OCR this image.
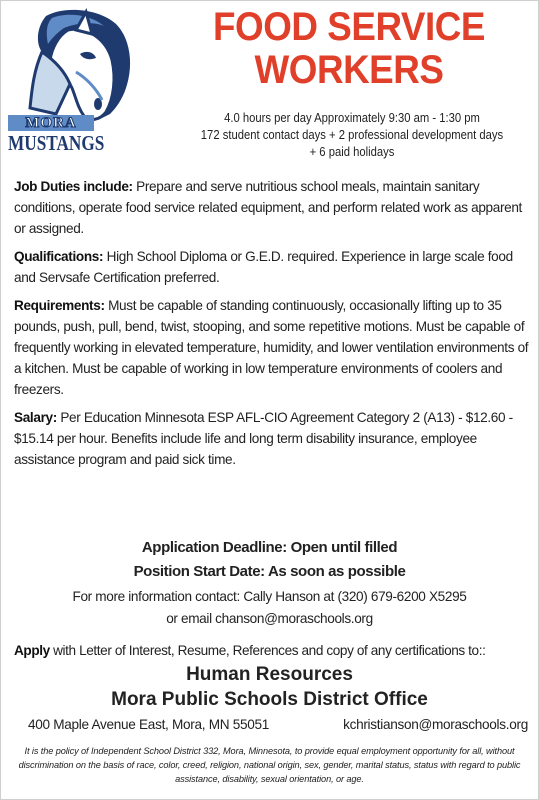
MORA
MUSTANGS
FOOD SERVICE
WORKERS
4.0 hours per day Approximately 9:30 am - 1:30 pm
172 student contact days + 2 professional development days
+ 6 paid holidays
Job Duties include: Prepare and serve nutritious school meals, maintain sanitary conditions, operate food service related equipment, and perform related work as apparent or assigned.
Qualifications: High School Diploma or G.E.D. required. Experience in large scale food and Servsafe Certification preferred.
Requirements: Must be capable of standing continuously, occasionally lifting up to 35 pounds, push, pull, bend, twist, stooping, and some repetitive motions. Must be capable of frequently working in elevated temperature, humidity, and lower ventilation environments of a kitchen. Must be capable of working in low temperature environments of coolers and freezers.
Salary: Per Education Minnesota ESP AFL-CIO Agreement Category 2 (A13) - $12.60 - $15.14 per hour. Benefits include life and long term disability insurance, employee assistance program and paid sick time.
Application Deadline: Open until filled
Position Start Date: As soon as possible
For more information contact: Cally Hanson at (320) 679-6200 X5295
or email chanson@moraschools.org
Apply with Letter of Interest, Resume, References and copy of any certifications to::
Human Resources
Mora Public Schools District Office
400 Maple Avenue East, Mora, MN 55051	kchristianson@moraschools.org
It is the policy of Independent School District 332, Mora, Minnesota, to provide equal employment opportunity for all, without discrimination on the basis of race, color, creed, religion, national origin, sex, gender, marital status, status with regard to public assistance, disability, sexual orientation, or age.
